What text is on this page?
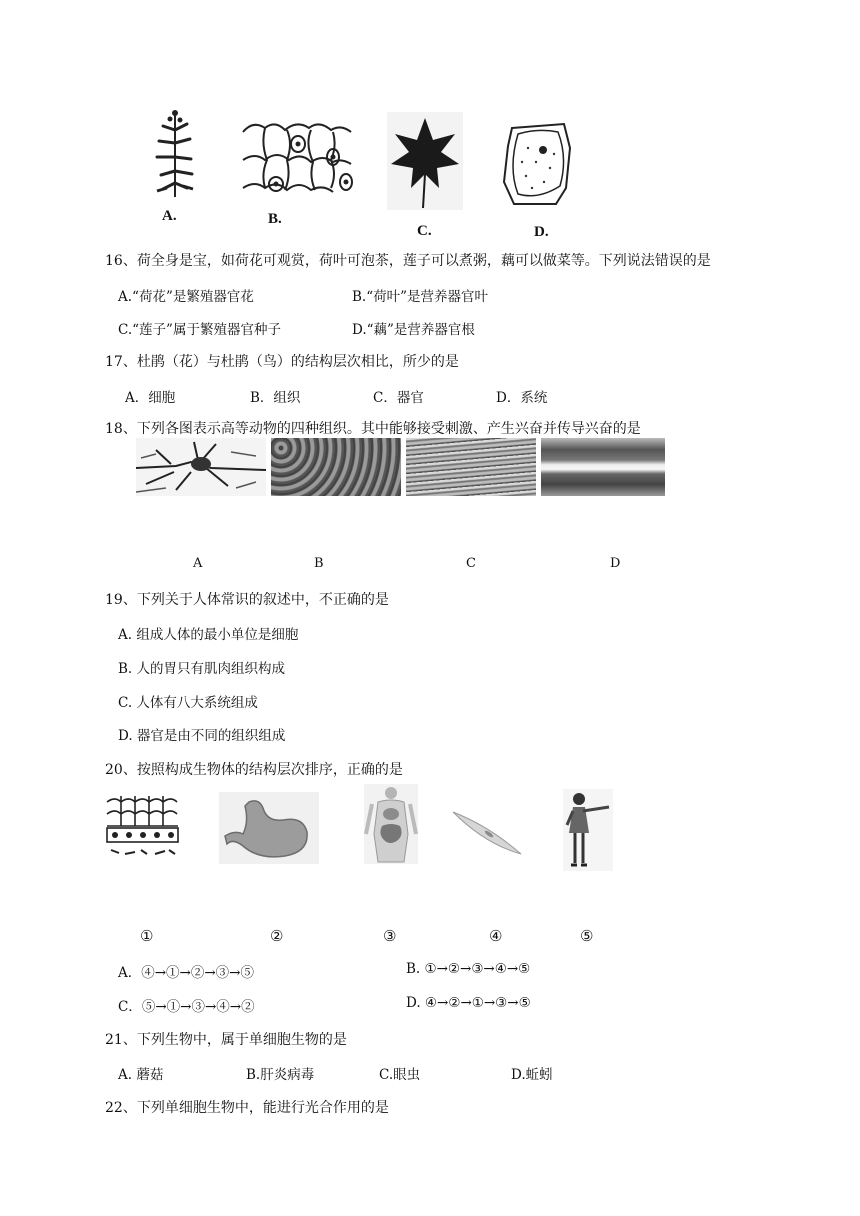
A.	B.
C.	D.
16、荷全身是宝，如荷花可观赏，荷叶可泡茶，莲子可以煮粥，藕可以做菜等。下列说法错误的是
A.“荷花”是繁殖器官花	B.“荷叶”是营养器官叶
C.“莲子”属于繁殖器官种子	D.“藕”是营养器官根
17、杜鹃（花）与杜鹃（鸟）的结构层次相比，所少的是
A．细胞	B．组织	C．器官	D．系统
18、下列各图表示高等动物的四种组织。其中能够接受刺激、产生兴奋并传导兴奋的是
A	B	C	D
19、下列关于人体常识的叙述中，不正确的是
A. 组成人体的最小单位是细胞
B. 人的胃只有肌肉组织构成
C. 人体有八大系统组成
D. 器官是由不同的组织组成
20、按照构成生物体的结构层次排序，正确的是
①	②	③	④	⑤
A．④→①→②→③→⑤	B. ①→②→③→④→⑤
C．⑤→①→③→④→②	D. ④→②→①→③→⑤
21、下列生物中，属于单细胞生物的是
A. 蘑菇	B.肝炎病毒	C.眼虫	D.蚯蚓
22、下列单细胞生物中，能进行光合作用的是
